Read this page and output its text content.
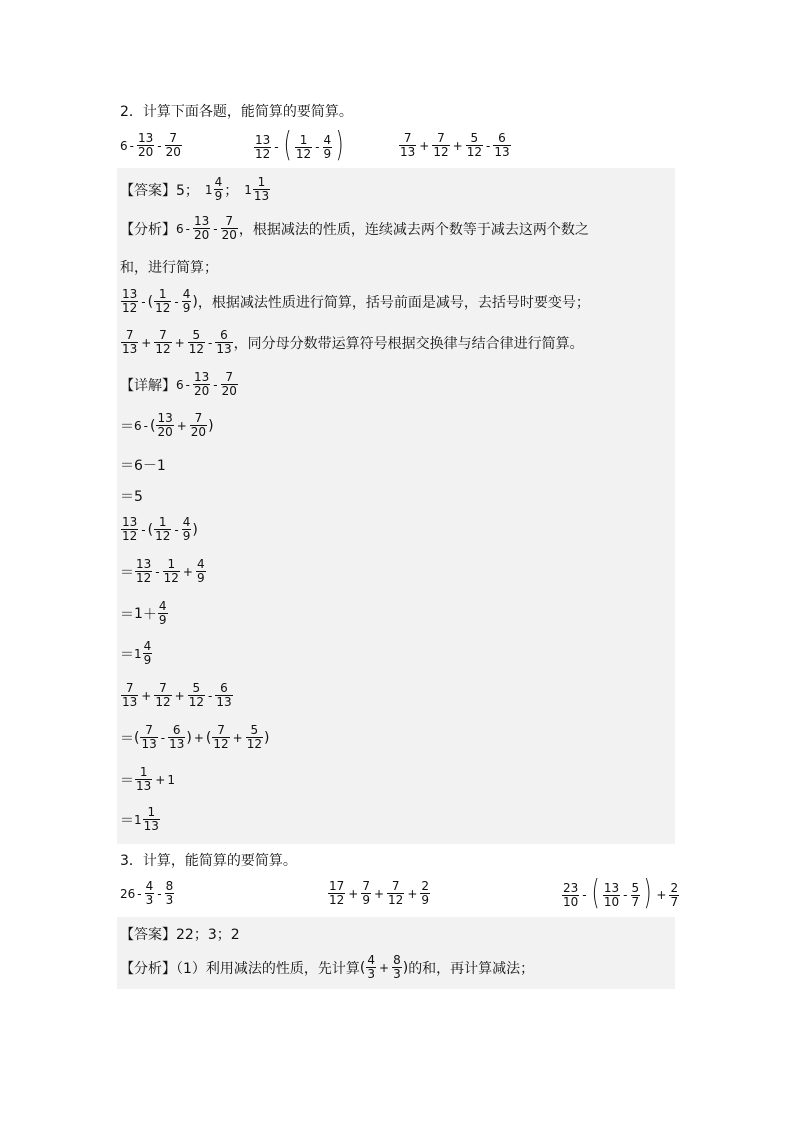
2．计算下面各题，能简算的要简算。
$6 - \frac{13}{20} - \frac{7}{20}$	$\frac{13}{12}$ - ( $\frac{1}{12} - \frac{4}{9}$ )	$\frac{7}{13} + \frac{7}{12} + \frac{5}{12} - \frac{6}{13}$
【答案】5； $1 \frac{4}{9}$ ； $1 \frac{1}{13}$
【分析】 $6 - \frac{13}{20} - \frac{7}{20}$ ，根据减法的性质，连续减去两个数等于减去这两个数之
和，进行简算；
$\frac{13}{12}$ - ( $\frac{1}{12} - \frac{4}{9}$ ) ，根据减法性质进行简算，括号前面是减号，去括号时要变号；
$\frac{7}{13} + \frac{7}{12} + \frac{5}{12} - \frac{6}{13}$ ，同分母分数带运算符号根据交换律与结合律进行简算。
【详解】 $6 - \frac{13}{20} - \frac{7}{20}$
＝ 6 - ( $\frac{13}{20} + \frac{7}{20}$ )
＝6－1
＝5
$\frac{13}{12}$ - ( $\frac{1}{12} - \frac{4}{9}$ )
＝ $\frac{13}{12} - \frac{1}{12} + \frac{4}{9}$
＝ $1 + \frac{4}{9}$
＝ $1 \frac{4}{9}$
$\frac{7}{13} + \frac{7}{12} + \frac{5}{12} - \frac{6}{13}$
＝ ( $\frac{7}{13} - \frac{6}{13}$ ) + ( $\frac{7}{12} + \frac{5}{12}$ )
＝ $\frac{1}{13} + 1$
＝ $1 \frac{1}{13}$
3．计算，能简算的要简算。
$26 - \frac{4}{3} - \frac{8}{3}$	$\frac{17}{12} + \frac{7}{9} + \frac{7}{12} + \frac{2}{9}$	$\frac{23}{10}$ - ( $\frac{13}{10} - \frac{5}{7}$ ) + $\frac{2}{7}$
【答案】22；3；2
【分析】（1）利用减法的性质，先计算 ( $\frac{4}{3} + \frac{8}{3}$ ) 的和，再计算减法；
